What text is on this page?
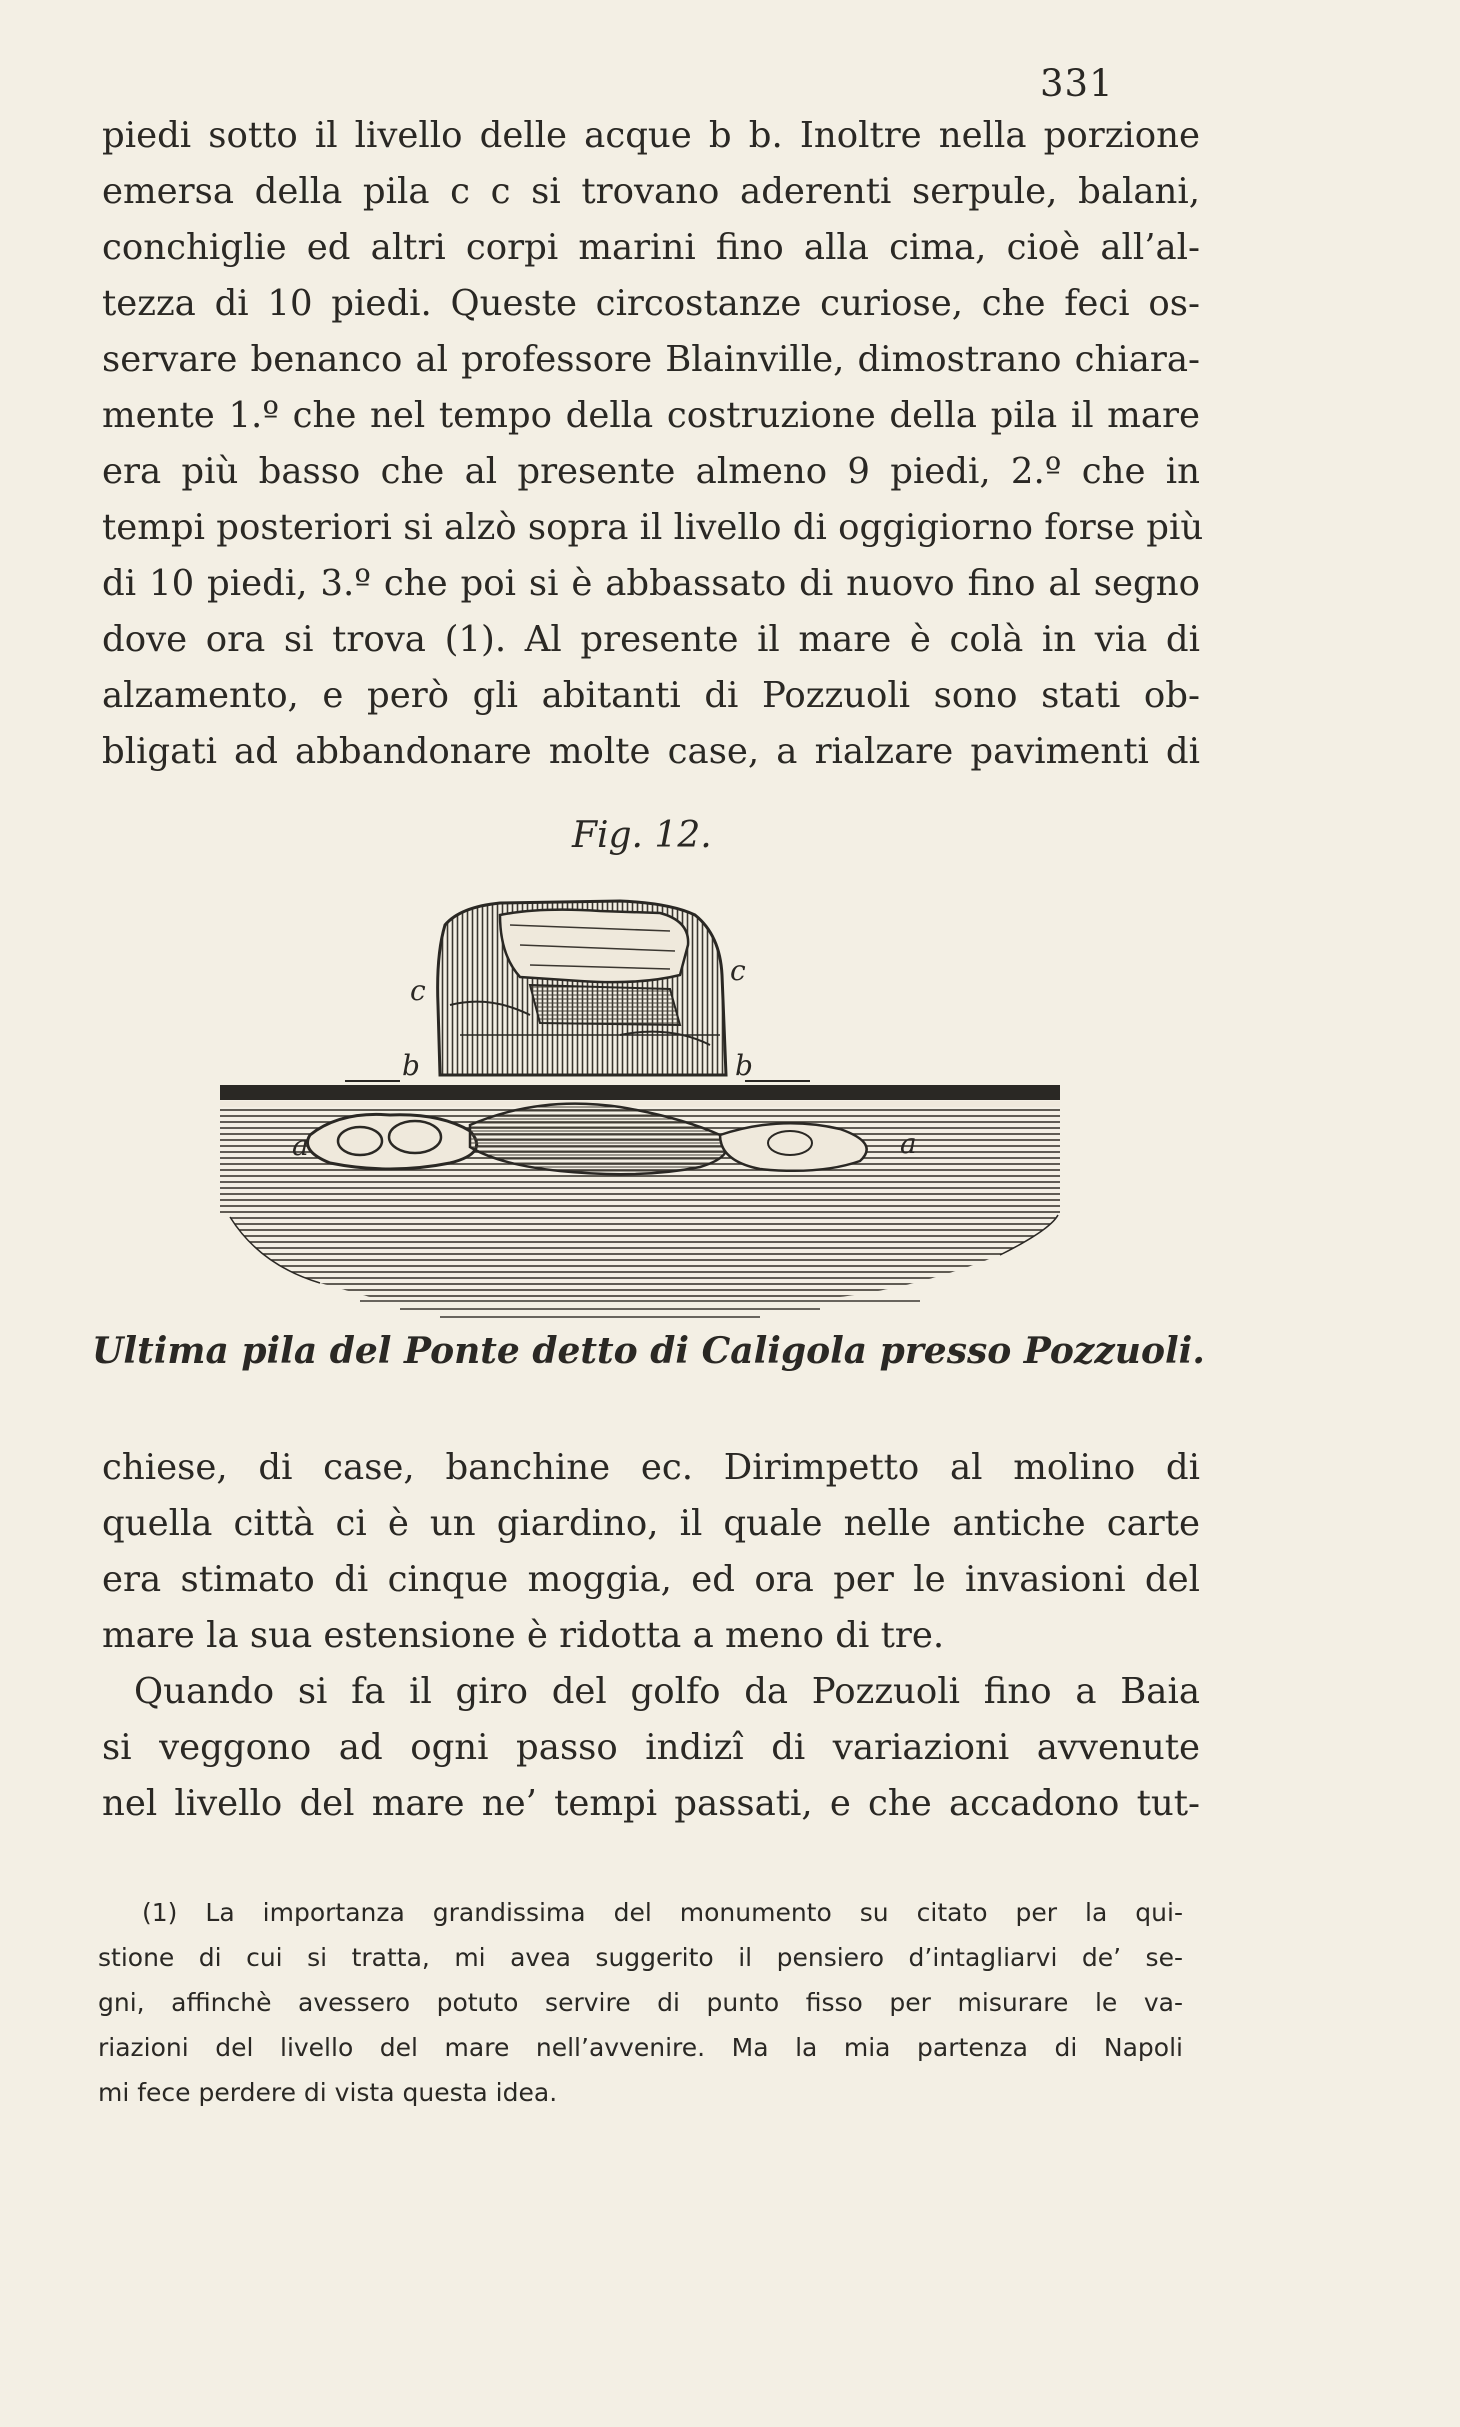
331
piedi sotto il livello delle acque b b. Inoltre nella porzione
emersa della pila c c si trovano aderenti serpule, balani,
conchiglie ed altri corpi marini fino alla cima, cioè all’al-
tezza di 10 piedi. Queste circostanze curiose, che feci os-
servare benanco al professore Blainville, dimostrano chiara-
mente 1.º che nel tempo della costruzione della pila il mare
era più basso che al presente almeno 9 piedi, 2.º che in
tempi posteriori si alzò sopra il livello di oggigiorno forse più
di 10 piedi, 3.º che poi si è abbassato di nuovo fino al segno
dove ora si trova (1). Al presente il mare è colà in via di
alzamento, e però gli abitanti di Pozzuoli sono stati ob-
bligati ad abbandonare molte case, a rialzare pavimenti di
Fig. 12.
c
c
b	b
a	a
Ultima pila del Ponte detto di Caligola presso Pozzuoli.
chiese, di case, banchine ec. Dirimpetto al molino di
quella città ci è un giardino, il quale nelle antiche carte
era stimato di cinque moggia, ed ora per le invasioni del
mare la sua estensione è ridotta a meno di tre.
Quando si fa il giro del golfo da Pozzuoli fino a Baia
si veggono ad ogni passo indizî di variazioni avvenute
nel livello del mare ne’ tempi passati, e che accadono tut-
(1) La importanza grandissima del monumento su citato per la qui-
stione di cui si tratta, mi avea suggerito il pensiero d’intagliarvi de’ se-
gni, affinchè avessero potuto servire di punto fisso per misurare le va-
riazioni del livello del mare nell’avvenire. Ma la mia partenza di Napoli
mi fece perdere di vista questa idea.
